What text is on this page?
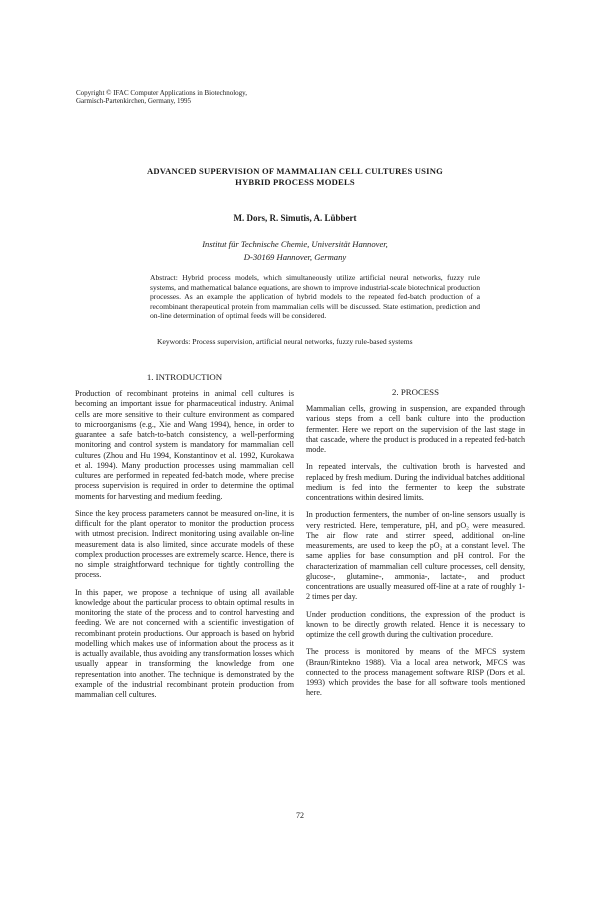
Copyright © IFAC Computer Applications in Biotechnology,
Garmisch-Partenkirchen, Germany, 1995
ADVANCED SUPERVISION OF MAMMALIAN CELL CULTURES USING
HYBRID PROCESS MODELS
M. Dors, R. Simutis, A. Lübbert
Institut für Technische Chemie, Universität Hannover,
D-30169 Hannover, Germany
Abstract: Hybrid process models, which simultaneously utilize artificial neural networks, fuzzy rule systems, and mathematical balance equations, are shown to improve industrial-scale biotechnical production processes. As an example the application of hybrid models to the repeated fed-batch production of a recombinant therapeutical protein from mammalian cells will be discussed. State estimation, prediction and on-line determination of optimal feeds will be considered.
Keywords: Process supervision, artificial neural networks, fuzzy rule-based systems
1. INTRODUCTION

Production of recombinant proteins in animal cell cultures is becoming an important issue for pharmaceutical industry. Animal cells are more sensitive to their culture environment as compared to microorganisms (e.g., Xie and Wang 1994), hence, in order to guarantee a safe batch-to-batch consistency, a well-performing monitoring and control system is mandatory for mammalian cell cultures (Zhou and Hu 1994, Konstantinov et al. 1992, Kurokawa et al. 1994). Many production processes using mammalian cell cultures are performed in repeated fed-batch mode, where precise process supervision is required in order to determine the optimal moments for harvesting and medium feeding.

Since the key process parameters cannot be measured on-line, it is difficult for the plant operator to monitor the production process with utmost precision. Indirect monitoring using available on-line measurement data is also limited, since accurate models of these complex production processes are extremely scarce. Hence, there is no simple straightforward technique for tightly controlling the process.

In this paper, we propose a technique of using all available knowledge about the particular process to obtain optimal results in monitoring the state of the process and to control harvesting and feeding. We are not concerned with a scientific investigation of recombinant protein productions. Our approach is based on hybrid modelling which makes use of information about the process as it is actually available, thus avoiding any transformation losses which usually appear in transforming the knowledge from one representation into another. The technique is demonstrated by the example of the industrial recombinant protein production from mammalian cell cultures.

2. PROCESS

Mammalian cells, growing in suspension, are expanded through various steps from a cell bank culture into the production fermenter. Here we report on the supervision of the last stage in that cascade, where the product is produced in a repeated fed-batch mode.

In repeated intervals, the cultivation broth is harvested and replaced by fresh medium. During the individual batches additional medium is fed into the fermenter to keep the substrate concentrations within desired limits.

In production fermenters, the number of on-line sensors usually is very restricted. Here, temperature, pH, and pO₂ were measured. The air flow rate and stirrer speed, additional on-line measurements, are used to keep the pO₂ at a constant level. The same applies for base consumption and pH control. For the characterization of mammalian cell culture processes, cell density, glucose-, glutamine-, ammonia-, lactate-, and product concentrations are usually measured off-line at a rate of roughly 1-2 times per day.

Under production conditions, the expression of the product is known to be directly growth related. Hence it is necessary to optimize the cell growth during the cultivation procedure.

The process is monitored by means of the MFCS system (Braun/Rintekno 1988). Via a local area network, MFCS was connected to the process management software RISP (Dors et al. 1993) which provides the base for all software tools mentioned here.

72
